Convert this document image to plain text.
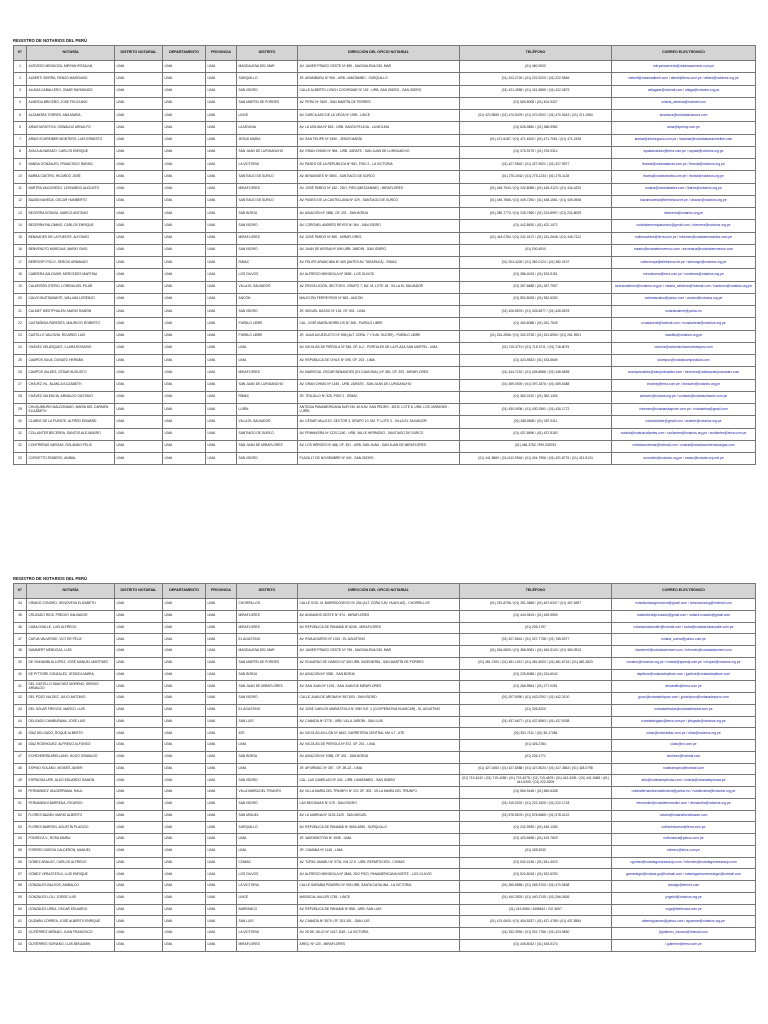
REGISTRO DE NOTARIOS DEL PERÚ
N°	NOTARÍA	DISTRITO NOTARIAL	DEPARTAMENTO	PROVINCIA	DISTRITO	DIRECCIÓN DEL OFICIO NOTARIAL	TELÉFONO	CORREO ELECTRÓNICO
1	ACEVEDO MENDOZA, MIRYAN ROSALVA	LIMA	LIMA	LIMA	MAGDALENA DEL MAR	AV. JAVIER PRADO OESTE Nº 890 - MAGDALENA DEL MAR	(01) 460-9000	mirryanacevedo@notariaacevedo.com.pe
2	ALBERTI SIERRA, RENZO MARCIANO	LIMA	LIMA	LIMA	SURQUILLO	JR. ARAMBURU Nº 906 - URB. LIMATAMBO - SURQUILLO	(01) 222-2740 / (01) 222-9220 / (01) 222-9546	ralberti@notariaalberti.com / alberti@terra.com.pe / alberti@notarios.org.pe
3	ALIAGA CABALLERO, OMAR RAYMUNDO	LIMA	LIMA	LIMA	SAN ISIDRO	CALLE ALBERTO LYNCH COCHRANE Nº 192 - URB. SAN ISIDRO - SAN ISIDRO	(01) 421-4555 / (01) 421-5555 / (01) 422-0875	oaliagaar@hotmail.com / aliaga@notarios.org.pe
4	ALMEIDA BRICEÑO, JOSE FELICIANO	LIMA	LIMA	LIMA	SAN MARTIN DE PORRES	AV. PERÚ Nº 3529 - SAN MARTÍN DE PORRES	(01) 569-8008 / (01) 404-9327	notaria_almeida@hotmail.com
5	ALZAMORA TORRES, ANA MARIA	LIMA	LIMA	LIMA	LINCE	AV. GARCILASO DE LA VEGA Nº 1095 - LINCE	(01) 470-5555 / (01) 470-5478 / (01) 470-0002 / (01) 470-9443 / (01) 471-1983	alzamora@notariaalzamora.com
6	ARIAS MONTOYA, OSWALDO ARNULFO	LIMA	LIMA	LIMA	LA MOLINA	AV. LA MOLINA Nº 833 - URB. SANTA FELICIA - LA MOLINA	(01) 628-9860 / (01) 368-9982	arias@speedy.com.pe
7	ARIAS SCHREIBER MONTERO, LUIS ERNESTO	LIMA	LIMA	LIMA	JESUS MARIA	AV. SAN FELIPE Nº 1590 - JESÚS MARÍA	(01) 471-6187 / (01) 471-6202 / (01) 471-7061 / (01) 471-2328	laarias@infonegocio.com.pe / luisarias@notariaariasschreiber.com
8	AYALA ALVARADO, CARLOS ENRIQUE	LIMA	LIMA	LIMA	SAN JUAN DE LURIGANCHO	AV. GRAN CHIMÚ Nº 984 - URB. ZARATE - SAN JUAN DE LURIGANCHO	(01) 376-9175 / (01) 376-9314	ayalaalvarado@terra.com.pe / cayala@notarios.org.pe
9	BANDA GONZALES, FRANCISCO RAFAEL	LIMA	LIMA	LIMA	LA VICTORIA	AV. PASEO DE LA REPÚBLICA Nº 981, PISO 2 - LA VICTORIA	(01) 427-9642 / (01) 427-9921 / (01) 427-9977	fbanda@notariabanda.com.pe / fbanda@notarios.org.pe
10	BARBA CASTRO, RICARDO JOSÉ	LIMA	LIMA	LIMA	SANTIAGO DE SURCO	AV. BENAVIDES Nº 3853 - SANTIAGO DE SURCO	(01) 275-1542 / (01) 275-1234 / (01) 275-1128	rbarba@notariabarba.com.pe / rbarba@notarios.org.pe
11	BARTRA VALDIVIESO, LEONARDO AUGUSTO	LIMA	LIMA	LIMA	MIRAFLORES	AV. JOSÉ PARDO Nº 182 - 2DO. PISO (MEZZANINE) - MIRAFLORES	(01) 445-7944 / (01) 242-8086 / (01) 446-3123 / (01) 444-4220	notaria@notariabartra.com / lbartra@notarios.org.pe
12	BAZÁN NAVEDA, OSCAR HUMBERTO	LIMA	LIMA	LIMA	SANTIAGO DE SURCO	AV. PASEO DE LA CASTELLANA Nº 329 - SANTIAGO DE SURCO	(01) 449-7666 / (01) 449-7250 / (01) 448-1561 / (01) 449-4946	bazannaveda@telefonica.net.pe / obazan@notarios.org.pe
13	BECERRA SOSAYA, MARCO ANTONIO	LIMA	LIMA	LIMA	SAN BORJA	AV. AVIACIÓN Nº 2880, OF. 201 - SAN BORJA	(01) 280-7770 / (01) 226-7960 / (01) 224-8997 / (01) 224-8009	mbecerra@notarios.org.pe
14	BECERRA PALOMINO, CARLOS ENRIQUE	LIMA	LIMA	LIMA	SAN ISIDRO	AV. CORONEL ANDRÉS REYES Nº 364 - SAN ISIDRO	(01) 442-8630 / (01) 422-1072	notariabecerrapalomino@gmail.com / cbecerra@notarios.org.pe
15	BENAVIDES DE LA PUENTE, ALFONSO	LIMA	LIMA	LIMA	MIRAFLORES	AV. JOSÉ PARDO Nº 890 - MIRAFLORES	(01) 444-0784 / (01) 241-0127 / (01) 241-2646 / (01) 446-7112	notbenavides@terra.com.pe / informes@notariabenavides.com.pe
16	BENVENUTO MURGUIA, MARIO GINO	LIMA	LIMA	LIMA	SAN ISIDRO	AV. JUAN DE ARONA Nº 545 URB. JARDÍN - SAN ISIDRO	(01) 200-4000	notario@notariabenvenuto.com / secretaria@notariabenvenuto.com
17	BERROSPI POLO, SERGIO ARMANDO	LIMA	LIMA	LIMA	RIMAC	AV. FELIPE ARANCIBIA Nº 469 (ANTES AV. TARAPACÁ) - RIMAC	(01) 203-4200 / (01) 382-0124 / (01) 382-0197	notberrospi@telefonica.net.pe / sberrospi@notarios.org.pe
18	CABRERA ZALDIVAR, MERCEDES MARTINA	LIMA	LIMA	LIMA	LOS OLIVOS	AV. ALFREDO MENDIOLA Nº 3698 - LOS OLIVOS	(01) 386-4015 / (01) 523-9151	mercabrera@terra.com.pe / mcabrera@notarios.org.pe
19	CALDERÓN OTERO, LORENA DEL PILAR	LIMA	LIMA	LIMA	VILLA EL SALVADOR	AV. REVOLUCIÓN, SECTOR II, GRUPO 7, MZ. M, LOTE 18 - VILLA EL SALVADOR	(01) 287-6688 / (01) 287-7907	lorenacalderon@notarios.org.pe / notaria_calderon@hotmail.com / lcalderon@notarios.org.pe
20	CALVO BUSTAMANTE, WILLIAM LORENZO	LIMA	LIMA	LIMA	ANCÓN	MALECÓN FERREYROS Nº 583 - ANCÓN	(01) 552-8028 / (01) 552-5252	notariawcalvo@yahoo.com / wcalvo@notarios.org.pe
21	CALMET WESTPHALEN, MARIO RAMÓN	LIMA	LIMA	LIMA	SAN ISIDRO	JR. MIGUEL DASSO Nº 134, OF. 501 - LIMA	(01) 426-5576 / (01) 426-5577 / (01) 426-5578	notariacalmet@yahoo.es
22	CASTAÑEDA PAREDES, MAURICIO ROBERTO	LIMA	LIMA	LIMA	PUEBLO LIBRE	CAL. JOSÉ MARÍA MORELOS Nº 268 - PUEBLO LIBRE	(01) 460-6088 / (01) 261-7549	ncastaneda@hotmail.com / mcastaneda@notarios.org.pe
23	CASTILLO VALDIVIA, RICARDO LUIS	LIMA	LIMA	LIMA	PUEBLO LIBRE	JR. JUAN ACUEDUCTO Nº 608 (ALT. CDRA. 7 Y 8 AV. SUCRE) - PUEBLO LIBRE	(01) 261-2556 / (01) 332-9728 / (01) 261-8900 / (01) 261-9901	ncastillo@notarios.org.pe
24	CHÁVEZ VELÁSQUEZ, CLARA ROSARIO	LIMA	LIMA	LIMA	LIMA	AV. NICOLÁS DE PIÉROLA Nº 938, OF. A-2 - PORTALES DE LA PLAZA SAN MARTÍN - LIMA	(01) 715-3710 / (01) 715-3711 / (01) 718-8075	ccorrea@notariaschavezvelasquez.com
25	CAMPOS SILVA, DONATO HERNÁN	LIMA	LIMA	LIMA	LIMA	AV. REPÚBLICA DE CHILE Nº 295, OF. 203 - LIMA	(01) 423-9533 / (01) 433-5649	dcampos@notariacampossilva.com
26	CAMPOS VALDEZ, CÉSAR AUGUSTO	LIMA	LIMA	LIMA	MIRAFLORES	AV. MARISCAL OSCAR BENAVIDES (EX DIAGONAL) Nº 380, OF. 203 - MIRAFLORES	(01) 444-7151 / (01) 445-8568 / (01) 448-5835	ccamposvaldez@camposvaldez.com / informes@notariacamposvaldez.com
27	CHÁVEZ VIL, BLANCA ELIZABETH	LIMA	LIMA	LIMA	SAN JUAN DE LURIGANCHO	AV. GRAN CHIMÚ Nº 1445 - URB. ZARATE - SAN JUAN DE LURIGANCHO	(01) 459-0000 / (01) 397-1876 / (01) 459-5488	chavezj@terra.com.pe / bchavez@notarios.org.pe
28	CHÁVEZ VALENCIA, ARNALDO GUSTAVO	LIMA	LIMA	LIMA	RÍMAC	JR. TRUJILLO Nº 326, PISO 2 - RÍMAC	(01) 382-0120 / (01) 382-1434	achavez@notaria.org.pe / contacto@notariachaveiz.com.pe
29	CHUQUIMURO MALDONADO, MARÍA DEL CARMEN ELIZABETH	LIMA	LIMA	LIMA	LURÍN	ANTIGUA PANAMERICANA SUR KM. 40.5 AV. SAN PEDRO - MZ.B, LOTE 8, URB. LOS JARDINES - LURÍN	(01) 430-0936 / (01) 430-2551 / (01) 430-1772	informes@notariaelsaporte.com.pe / notariaelsa@gmail.com
30	CLARKE DE LA PUENTE, ALFRED EDWARD	LIMA	LIMA	LIMA	VILLA EL SALVADOR	AV. CÉSAR VALLEJO, SECTOR 3, GRUPO 10, MZ. P, LOTE 3 - VILLA EL SALVADOR	(01) 288-8808 / (01) 287-9111	notariaclarke@gmail.com / aclarke@notarios.org.pe
31	COLLANTES BECERRA, SANTOS ALEJANDRO	LIMA	LIMA	LIMA	SANTIAGO DE SURCO	AV. PRIMAVERA Nº 1220-1240 - URB. VALLE HERMOSO - SANTIAGO DE SURCO	(01) 437-8696 / (01) 437-5163	notaria@notariacollantes.com / scollantes@notarios.org.pe / scollantes@terra.com.pe
32	CONTRERAS VARGAS, ROLANDO FÉLIX	LIMA	LIMA	LIMA	SAN JUAN DE MIRAFLORES	AV. LOS HÉROES Nº 486, OF. 301 - URB. SAN JUAN - SAN JUAN DE MIRAFLORES	(01) 466-3752 / 999-335753	notariacontreras@hotmail.com / notaria@notariacontrerasvargas.com
33	CORVETTO ROMERO, ANIBAL	LIMA	LIMA	LIMA	SAN ISIDRO	PLAZA 17 DE NOVIEMBRE Nº 240 - SAN ISIDRO	(01) 441-9660 / (01) 612-9944 / (01) 404-7996 / (01) 421-8776 / (01) 421-9124	acorvetto@notarios.org.pe / anasn@notaria-cvp.net.pe
REGISTRO DE NOTARIOS DEL PERÚ
N°	NOTARÍA	DISTRITO NOTARIAL	DEPARTAMENTO	PROVINCIA	DISTRITO	DIRECCIÓN DEL OFICIO NOTARIAL	TELÉFONO	CORREO ELECTRÓNICO
34	CRIADO CONDRO, GENOVEVA ELIZABETH	LIMA	LIMA	LIMA	CHORRILLOS	CALLE GOD. M. BARREDOVEGO Nº 254 (ALT. CDRA 3 AV. HUAYLAS) - CHORRILLOS	(01) 251-8756 / (01) 251-0666 / (01) 467-6347 / (01) 467-6397	notariacriadogenoveva@gmail.com / notariacriadog@hotmail.com
35	CRUZADO RIOS, FREDDY SALVADOR	LIMA	LIMA	LIMA	MIRAFLORES	AV. ANGAMOS OESTE Nº 574 - MIRAFLORES	(01) 444-9613 / (01) 449-9593	notariafreddycruzado@gmail.com / notaria.cruzado@gmail.com
36	CUBA OVALLE, LUIS ALFREDO	LIMA	LIMA	LIMA	MIRAFLORES	AV. REPÚBLICA DE PANAMÁ Nº 6246 - MIRAFLORES	(01) 205-1797	notariaciubaovalle@hotmail.com / lcuba@notariaciubaovalle.com.pe
37	CUEVA VALVERDE, VICTOR FÉLIX	LIMA	LIMA	LIMA	EL AGUSTINO	AV. RIVA AGÜERO Nº 1010 - EL AGUSTINO	(01) 327-5641 / (01) 327-7738 / (01) 765-5377	notaria_cueva@yahoo.com.pe
38	DAMMERT MENDOZA, LUIS	LIMA	LIMA	LIMA	MAGDALENA DEL MAR	AV. JAVIER PRADO OESTE Nº 765 - MAGDALENA DEL MAR	(01) 264-0809 / (01) 368-9081 / (01) 460-5140 / (01) 460-0913	ldammert@notariadammert.com / informes@notariadammert.com
39	DE VINHAMBLIA LOPEZ, JOSÉ MANUEL MARTINEZ	LIMA	LIMA	LIMA	SAN MARTÍN DE PORRES	AV. EDUARDO DE HABICH Nº 349 URB. INGENIERÍA - SAN MARTÍN DE PORRES	(01) 481-7400 / (01) 481-1012 / (01) 481-5000 / (01) 481-5716 / (01) 482-2823	vnotario@notarios.org.pe / notaria@speedy.com.pe / mlopez@notarios.org.pe
40	DE PITTORE GONZALEZ, JESSICA MARÍA	LIMA	LIMA	LIMA	SAN BORJA	AV. AVIACIÓN Nº 3350 - SAN BORJA	(01) 225-5088 / (01) 224-6042	depittore@notariadepittore.com / jpaitore@notariadepittore.com
41	DEL CASTILLO SÁNCHEZ MORENO, SERGIO ARNALDO	LIMA	LIMA	LIMA	SAN JUAN DE MIRAFLORES	AV. SAN JUAN Nº 1076 - SAN JUAN DE MIRAFLORES	(01) 266-9564 / (01) 277-0261	delcastillo@terra.com.pe
42	DEL POZO VALDEZ, JULIO ANTONIO	LIMA	LIMA	LIMA	SAN ISIDRO	CALLE JUAN DE ARONA Nº 897-803 - SAN ISIDRO	(01) 207-9090 / (01) 442-0292 / (01) 442-3120	jpozo@notariadelpozo.com / jpodelpozo@notariadelpozo.com
43	DEL SOLAR FREGOZ, MARCO, LUIS	LIMA	LIMA	LIMA	EL AGUSTINO	AV. JOSÉ CARLOS MARIÁTEGUI Nº 2967 INT. 4 (COOPERATIVA HUASCAR) - EL AGUSTINO	(01) 326-5220	notariadelsolar@notariadelsolar.com.pe
44	DELGADO CAMBURANA, JOSÉ LUIS	LIMA	LIMA	LIMA	SAN LUIS	AV. CANADÁ Nº 3778 - URB. VILLA JARDÍN - SAN LUIS	(01) 437-6677 / (01) 437-6983 / (01) 437-5038	notariadelgado@terra.com.pe / jdelgado@notarios.org.pe
45	DÍAZ DELGADO, ROQUE ALBERTO	LIMA	LIMA	LIMA	ATE	AV. NICOLÁS AYLLÓN Nº 4663, CARRETERA CENTRAL KM 4.7 - ATE	(01) 351-7111 / (01) 35-17286	ndiaz@notariadiaz.com.pe / rdiaz@notarios.org.pe
46	DÍAZ RODRIGUEZ, ALFREDO ALFONSO	LIMA	LIMA	LIMA	LIMA	AV. NICOLÁS DE PIÉROLA Nº 872, OF. 201 - LIMA	(01) 426-2784	cdias@rcl.com.pe
47	ECHEVERRÍA ARELLANO, HUGO OSWALDO	LIMA	LIMA	LIMA	SAN BORJA	AV. AVIACIÓN Nº 2085, OF. 301 - SAN BORJA	(01) 226-1771	necheve@hotmail.com
48	ESPINO SOLANO, MOISÉS JAVIER	LIMA	LIMA	LIMA	LIMA	JR. APURÍMAC Nº 357 - OF. 2B-22 - LIMA	(01) 427-0453 / (01) 427-8088 / (01) 427-5024 / (01) 427-3863 / (01) 428-0798	notariaespino@hotmail.com
49	ESPINOSA URE, ALDO EDUARDO RAMON	LIMA	LIMA	LIMA	SAN ISIDRO	CAL. LAS CAMELIAS Nº 443 - URB. LIMATAMBO - SAN ISIDRO	(01) 719-4242 / (01) 719-4265 / (01) 719-4075 / (01) 719-4676 / (01) 442-3491 / (01) 441-9465 / (01) 441-6253 / (01) 222-5209	aldo@notariaespinosa.com / notaria@notariaespinosa.pe
50	FERNÁNDEZ VALDERRAMA, RAUL	LIMA	LIMA	LIMA	VILLA MARÍA DEL TRIUNFO	AV. VILLA MARÍA DEL TRIUNFO Nº 221 OF. 303 - VILLA MARÍA DEL TRIUNFO	(01) 560-9148 / (01) 560-5268	notariafernandezvalderrama@yahoo.es / rvalderrama@notarios.org.pe
51	FERNANDINI BARREDA, RICARDO	LIMA	LIMA	LIMA	SAN ISIDRO	LAS BEGONIAS Nº 475 - SAN ISIDRO	(01) 315-0202 / (01) 222-1525 / (01) 222-1718	rfernandini@notariafernandini.com / rfernandini@notarios.org.pe
52	FLORES BAZÁN, MARIO ALBERTO	LIMA	LIMA	LIMA	SAN MIGUEL	AV. LA MARINA Nº 3125-3129 - SAN MIGUEL	(01) 578-5676 / (01) 578-5685 / (01) 578-0122	notaria@notariafloresbazan.com
53	FLORES BARRON, AGUSTÍN PLACIDO	LIMA	LIMA	LIMA	SURQUILLO	AV. REPÚBLICA DE PANAMÁ Nº 4694-4696 - SURQUILLO	(01) 242-9935 / (01) 445-1283	notfloresbarron@terra.com.pe
54	FONSECA V., ROSA MARÍA	LIMA	LIMA	LIMA	LIMA	JR. WASHINGTON Nº 1538 - LIMA	(01) 423-5698 / (01) 423-7829	notfonseca@yahoo.com.pe
55	FORERO GARCÍA CALDERÓN, MANUEL	LIMA	LIMA	LIMA	LIMA	JR. CAMANÁ Nº 1145 - LIMA	(01) 428-9230	mforero@terra.com.pe
56	GÓMEZ ARAUJO, CARLOS ALFREDO	LIMA	LIMA	LIMA	COMAS	AV. TÚPAC AMARU Nº 3734, KM 12.5 - URB. REPARTICIÓN - COMAS	(01) 542-4136 / (01) 541-4023	cgomez@notariagomezaraujo.com / informes@notariagomezaraujo.com
57	GÓMEZ VERASTEGUI, LUIS ENRIQUE	LIMA	LIMA	LIMA	LOS OLIVOS	AV. ALFREDO MENDIOLA Nº 3848, 2DO PISO, PANAMERICANA NORTE - LOS OLIVOS	(01) 522-5018 / (01) 522-5293	gverastegui@notaria.gu@hotmail.com / notariagomezverastegui@hotmail.com
58	GONZALES BALDOS, ANIBALDO	LIMA	LIMA	LIMA	LA VICTORIA	CALLE SARABIA PIZARRO Nº 905 URB. SANTA CATALINA - LA VICTORIA	(01) 265-8855 / (01) 265-9700 / (01) 470-5638	ncbalgo@terrmd.com
59	GONZALES LOLI, JORGE LUIS	LIMA	LIMA	LIMA	LINCE	MARISCAL MILLER 1755 - LINCE	(01) 440-2503 / (01) 440-3745 / (01) 266-0826	jorgeloli@notarios.org.pe
60	GONZÁLEZ UREA, OSCAR EDUARDO	LIMA	LIMA	LIMA	BARRANCO	AV. REPÚBLICA DE PANAMÁ Nº 858 - URB. SAN LUIS	(01) 241-9080 / 4456642 / 247-8007	cuga@telefonica.com.pe
61	GUZMÁN CORREA, JOSÉ ALBERTO ENRIQUE	LIMA	LIMA	LIMA	SAN LUIS	AV. CANADÁ Nº 3579, OF. 203-301 - SAN LUIS	(01) 474-0600 / (01) 454-5337 / (01) 437-4789 / (01) 437-5554	albertoguzman@yahoo.com / aguzman@notarios.org.pe
62	GUTIÉRREZ MIÑANO, JUAN FRANCISCO	LIMA	LIMA	LIMA	LA VICTORIA	AV. 28 DE JULIO Nº 1167-1169 - LA VICTORIA	(01) 332-3994 / (01) 301-7786 / (01) 423-9830	jfgutierrez_minano@hotmail.com
63	GUTIÉRREZ SORIANO, LUIS BENJAMIN	LIMA	LIMA	LIMA	MIRAFLORES	AREQ. Nº 120 - MIRAFLORES	(01) 445-8042 / (01) 445-5174	l.gutierrez@terra.com.pe
